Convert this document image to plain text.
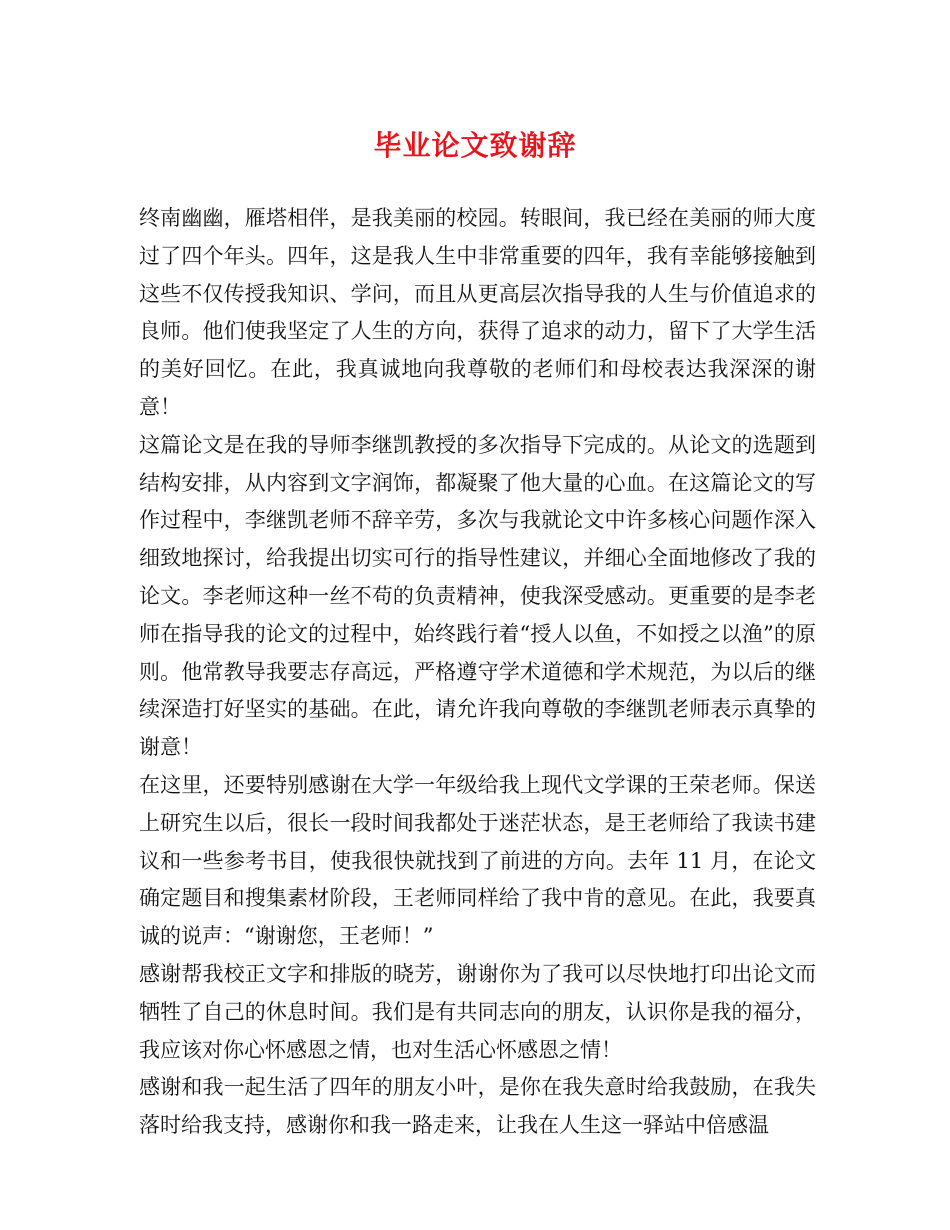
毕业论文致谢辞

终南幽幽，雁塔相伴，是我美丽的校园。转眼间，我已经在美丽的师大度过了四个年头。四年，这是我人生中非常重要的四年，我有幸能够接触到这些不仅传授我知识、学问，而且从更高层次指导我的人生与价值追求的良师。他们使我坚定了人生的方向，获得了追求的动力，留下了大学生活的美好回忆。在此，我真诚地向我尊敬的老师们和母校表达我深深的谢意！

这篇论文是在我的导师李继凯教授的多次指导下完成的。从论文的选题到结构安排，从内容到文字润饰，都凝聚了他大量的心血。在这篇论文的写作过程中，李继凯老师不辞辛劳，多次与我就论文中许多核心问题作深入细致地探讨，给我提出切实可行的指导性建议，并细心全面地修改了我的论文。李老师这种一丝不苟的负责精神，使我深受感动。更重要的是李老师在指导我的论文的过程中，始终践行着“授人以鱼，不如授之以渔”的原则。他常教导我要志存高远，严格遵守学术道德和学术规范，为以后的继续深造打好坚实的基础。在此，请允许我向尊敬的李继凯老师表示真挚的谢意！

在这里，还要特别感谢在大学一年级给我上现代文学课的王荣老师。保送上研究生以后，很长一段时间我都处于迷茫状态，是王老师给了我读书建议和一些参考书目，使我很快就找到了前进的方向。去年 11 月，在论文确定题目和搜集素材阶段，王老师同样给了我中肯的意见。在此，我要真诚的说声：“谢谢您，王老师！”

感谢帮我校正文字和排版的晓芳，谢谢你为了我可以尽快地打印出论文而牺牲了自己的休息时间。我们是有共同志向的朋友，认识你是我的福分，我应该对你心怀感恩之情，也对生活心怀感恩之情！

感谢和我一起生活了四年的朋友小叶，是你在我失意时给我鼓励，在我失落时给我支持，感谢你和我一路走来，让我在人生这一驿站中倍感温
